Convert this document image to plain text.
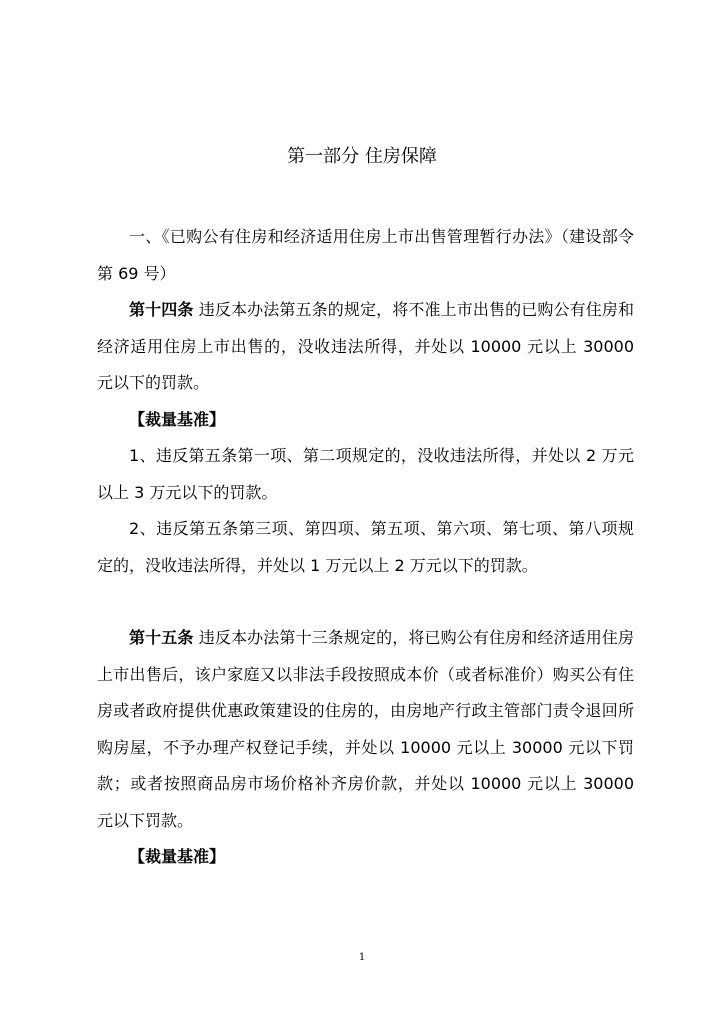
第一部分 住房保障

一、《已购公有住房和经济适用住房上市出售管理暂行办法》（建设部令第 69 号）

第十四条 违反本办法第五条的规定，将不准上市出售的已购公有住房和经济适用住房上市出售的，没收违法所得，并处以 10000 元以上 30000 元以下的罚款。

【裁量基准】

1、违反第五条第一项、第二项规定的，没收违法所得，并处以 2 万元以上 3 万元以下的罚款。

2、违反第五条第三项、第四项、第五项、第六项、第七项、第八项规定的，没收违法所得，并处以 1 万元以上 2 万元以下的罚款。

第十五条 违反本办法第十三条规定的，将已购公有住房和经济适用住房上市出售后，该户家庭又以非法手段按照成本价（或者标准价）购买公有住房或者政府提供优惠政策建设的住房的，由房地产行政主管部门责令退回所购房屋，不予办理产权登记手续，并处以 10000 元以上 30000 元以下罚款；或者按照商品房市场价格补齐房价款，并处以 10000 元以上 30000 元以下罚款。

【裁量基准】

1
